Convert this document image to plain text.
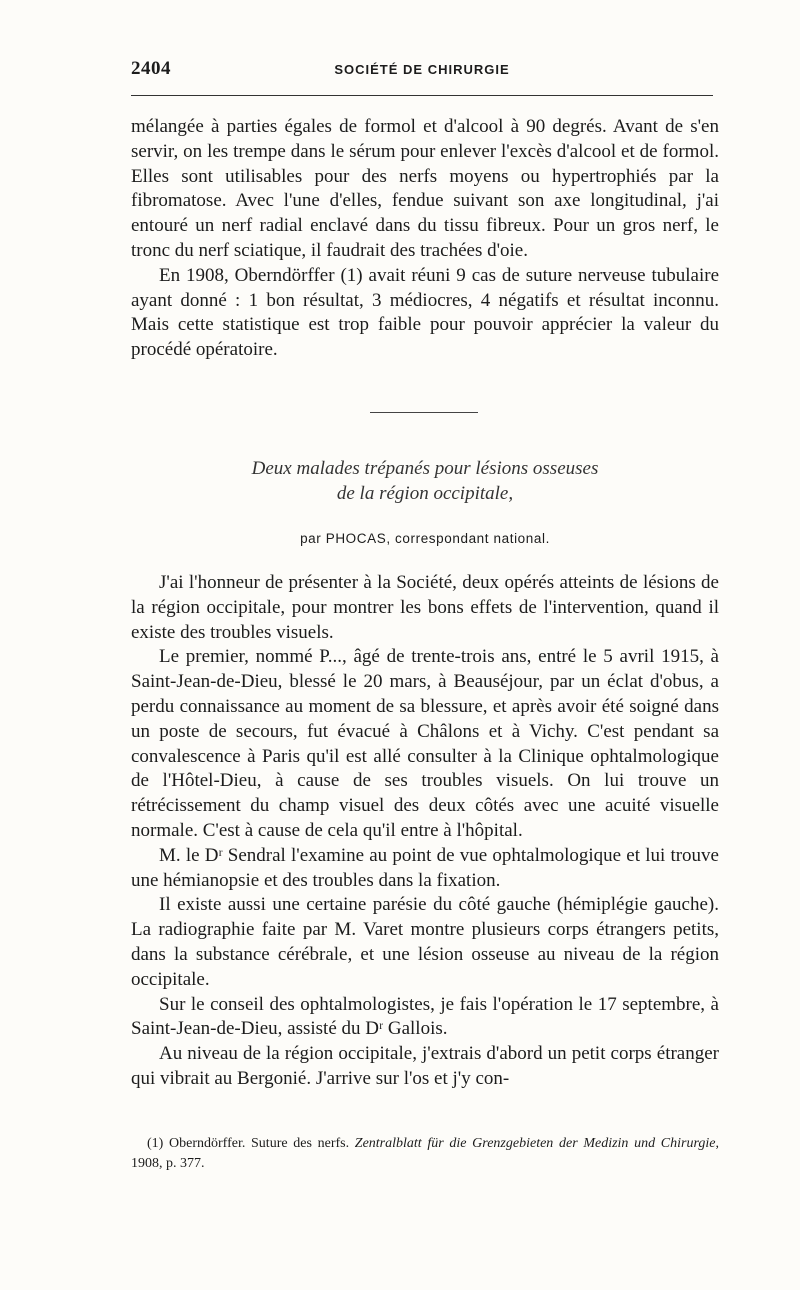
2404	SOCIÉTÉ DE CHIRURGIE

mélangée à parties égales de formol et d'alcool à 90 degrés. Avant de s'en servir, on les trempe dans le sérum pour enlever l'excès d'alcool et de formol. Elles sont utilisables pour des nerfs moyens ou hypertrophiés par la fibromatose. Avec l'une d'elles, fendue suivant son axe longitudinal, j'ai entouré un nerf radial enclavé dans du tissu fibreux. Pour un gros nerf, le tronc du nerf sciatique, il faudrait des trachées d'oie.

En 1908, Oberndörffer (1) avait réuni 9 cas de suture nerveuse tubulaire ayant donné : 1 bon résultat, 3 médiocres, 4 négatifs et résultat inconnu. Mais cette statistique est trop faible pour pouvoir apprécier la valeur du procédé opératoire.

Deux malades trépanés pour lésions osseuses
de la région occipitale,
par PHOCAS, correspondant national.

J'ai l'honneur de présenter à la Société, deux opérés atteints de lésions de la région occipitale, pour montrer les bons effets de l'intervention, quand il existe des troubles visuels.

Le premier, nommé P..., âgé de trente-trois ans, entré le 5 avril 1915, à Saint-Jean-de-Dieu, blessé le 20 mars, à Beauséjour, par un éclat d'obus, a perdu connaissance au moment de sa blessure, et après avoir été soigné dans un poste de secours, fut évacué à Châlons et à Vichy. C'est pendant sa convalescence à Paris qu'il est allé consulter à la Clinique ophtalmologique de l'Hôtel-Dieu, à cause de ses troubles visuels. On lui trouve un rétrécissement du champ visuel des deux côtés avec une acuité visuelle normale. C'est à cause de cela qu'il entre à l'hôpital.

M. le Dʳ Sendral l'examine au point de vue ophtalmologique et lui trouve une hémianopsie et des troubles dans la fixation.

Il existe aussi une certaine parésie du côté gauche (hémiplégie gauche). La radiographie faite par M. Varet montre plusieurs corps étrangers petits, dans la substance cérébrale, et une lésion osseuse au niveau de la région occipitale.

Sur le conseil des ophtalmologistes, je fais l'opération le 17 septembre, à Saint-Jean-de-Dieu, assisté du Dʳ Gallois.

Au niveau de la région occipitale, j'extrais d'abord un petit corps étranger qui vibrait au Bergonié. J'arrive sur l'os et j'y con-

(1) Oberndörffer. Suture des nerfs. Zentralblatt für die Grenzgebieten der Medizin und Chirurgie, 1908, p. 377.
